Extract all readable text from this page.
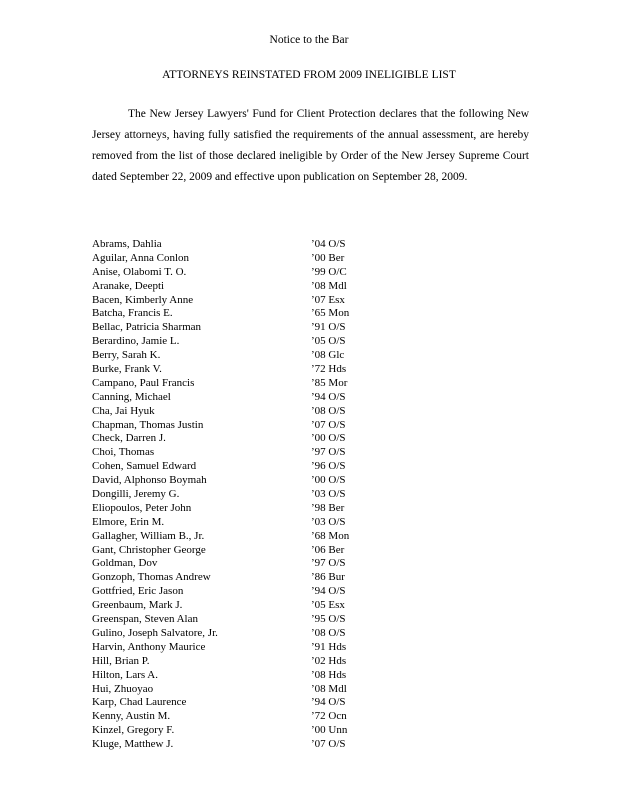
Notice to the Bar
ATTORNEYS REINSTATED FROM 2009 INELIGIBLE LIST

The New Jersey Lawyers' Fund for Client Protection declares that the following New Jersey attorneys, having fully satisfied the requirements of the annual assessment, are hereby removed from the list of those declared ineligible by Order of the New Jersey Supreme Court dated September 22, 2009 and effective upon publication on September 28, 2009.

Abrams, Dahlia	’04 O/S
Aguilar, Anna Conlon	’00 Ber
Anise, Olabomi T. O.	’99 O/C
Aranake, Deepti	’08 Mdl
Bacen, Kimberly Anne	’07 Esx
Batcha, Francis E.	’65 Mon
Bellac, Patricia Sharman	’91 O/S
Berardino, Jamie L.	’05 O/S
Berry, Sarah K.	’08 Glc
Burke, Frank V.	’72 Hds
Campano, Paul Francis	’85 Mor
Canning, Michael	’94 O/S
Cha, Jai Hyuk	’08 O/S
Chapman, Thomas Justin	’07 O/S
Check, Darren J.	’00 O/S
Choi, Thomas	’97 O/S
Cohen, Samuel Edward	’96 O/S
David, Alphonso Boymah	’00 O/S
Dongilli, Jeremy G.	’03 O/S
Eliopoulos, Peter John	’98 Ber
Elmore, Erin M.	’03 O/S
Gallagher, William B., Jr.	’68 Mon
Gant, Christopher George	’06 Ber
Goldman, Dov	’97 O/S
Gonzoph, Thomas Andrew	’86 Bur
Gottfried, Eric Jason	’94 O/S
Greenbaum, Mark J.	’05 Esx
Greenspan, Steven Alan	’95 O/S
Gulino, Joseph Salvatore, Jr.	’08 O/S
Harvin, Anthony Maurice	’91 Hds
Hill, Brian P.	’02 Hds
Hilton, Lars A.	’08 Hds
Hui, Zhuoyao	’08 Mdl
Karp, Chad Laurence	’94 O/S
Kenny, Austin M.	’72 Ocn
Kinzel, Gregory F.	’00 Unn
Kluge, Matthew J.	’07 O/S
